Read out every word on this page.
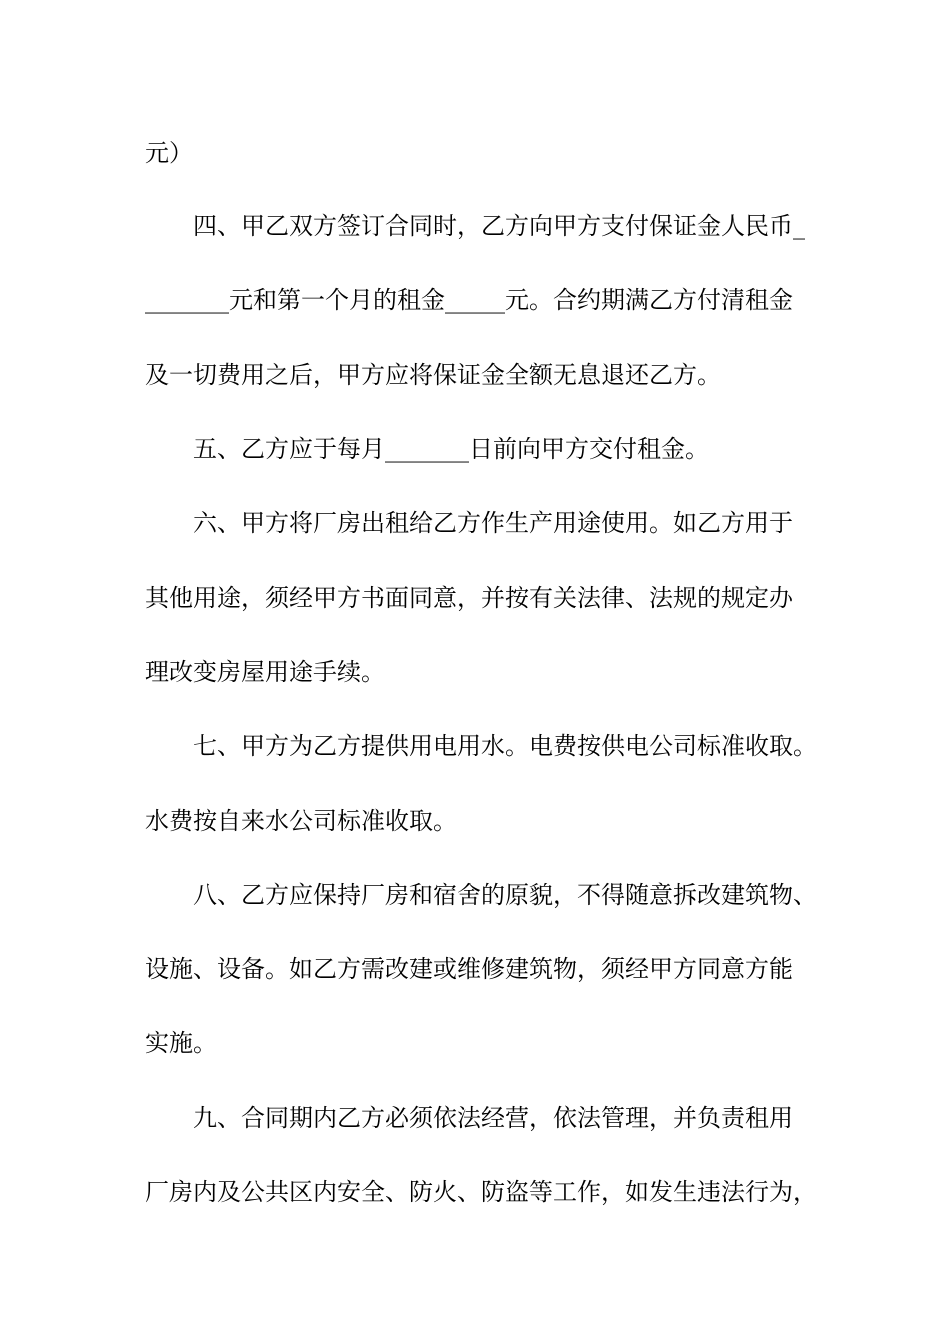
元）
四、甲乙双方签订合同时，乙方向甲方支付保证金人民币_
_______元和第一个月的租金_____元。合约期满乙方付清租金
及一切费用之后，甲方应将保证金全额无息退还乙方。
五、乙方应于每月_______日前向甲方交付租金。
六、甲方将厂房出租给乙方作生产用途使用。如乙方用于
其他用途，须经甲方书面同意，并按有关法律、法规的规定办
理改变房屋用途手续。
七、甲方为乙方提供用电用水。电费按供电公司标准收取。
水费按自来水公司标准收取。
八、乙方应保持厂房和宿舍的原貌，不得随意拆改建筑物、
设施、设备。如乙方需改建或维修建筑物，须经甲方同意方能
实施。
九、合同期内乙方必须依法经营，依法管理，并负责租用
厂房内及公共区内安全、防火、防盗等工作，如发生违法行为，
